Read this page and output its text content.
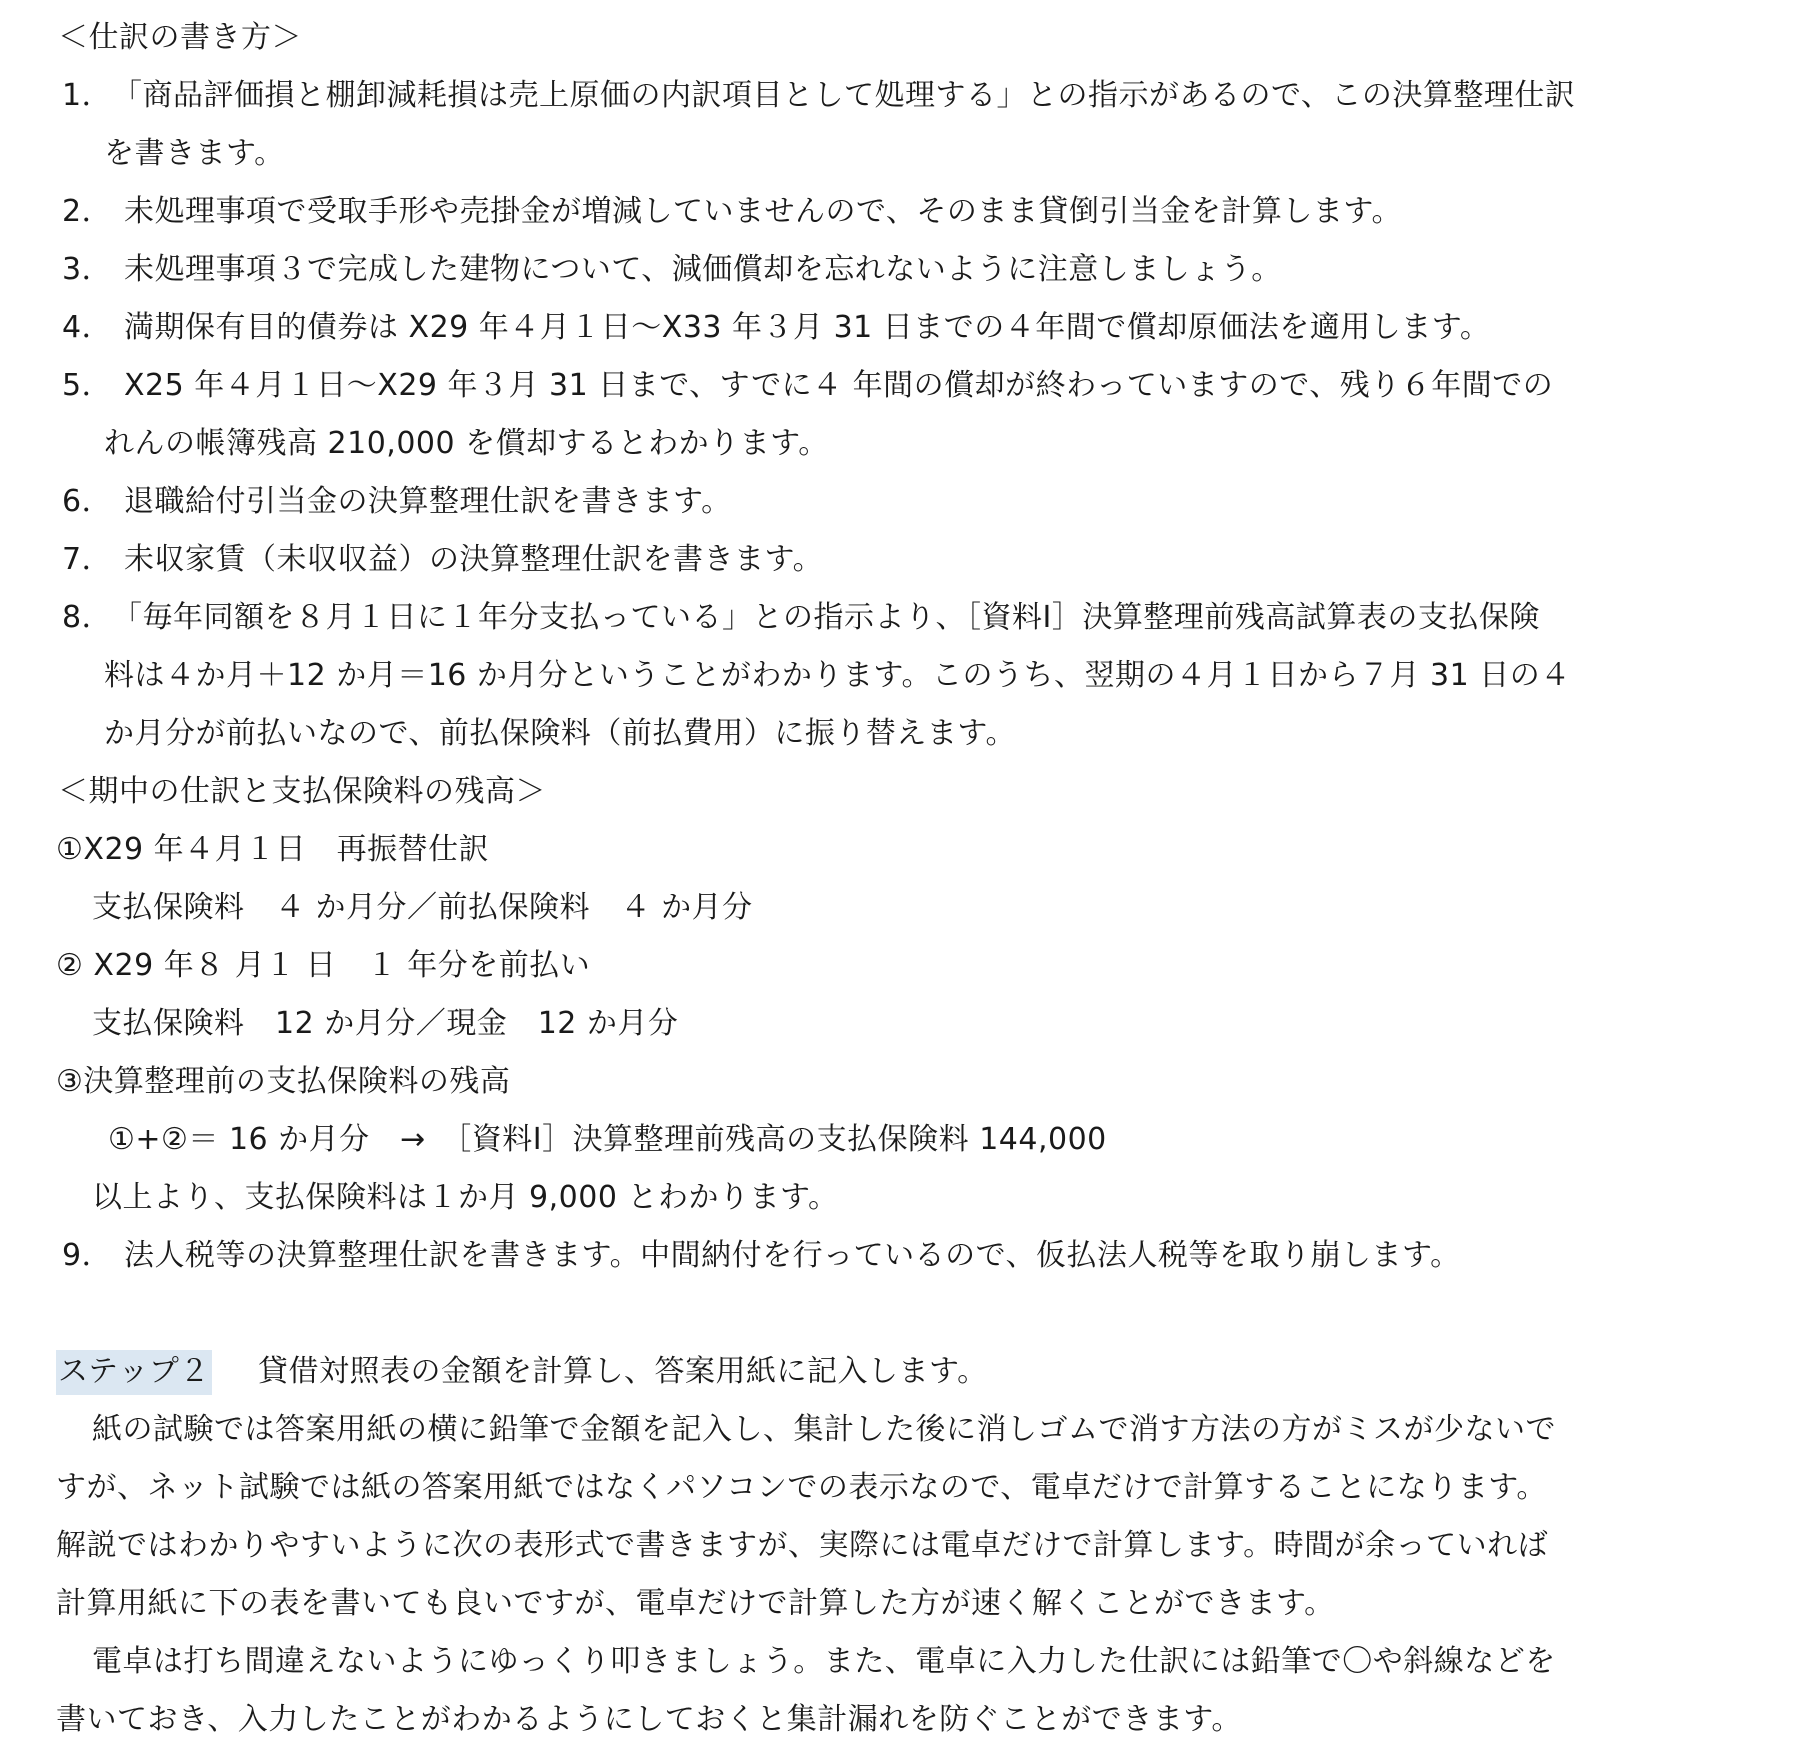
＜仕訳の書き方＞
1． 「商品評価損と棚卸減耗損は売上原価の内訳項目として処理する」との指示があるので、この決算整理仕訳
を書きます。
2． 未処理事項で受取手形や売掛金が増減していませんので、そのまま貸倒引当金を計算します。
3． 未処理事項３で完成した建物について、減価償却を忘れないように注意しましょう。
4． 満期保有目的債券は X29 年４月１日～X33 年３月 31 日までの４年間で償却原価法を適用します。
5． X25 年４月１日～X29 年３月 31 日まで、すでに４ 年間の償却が終わっていますので、残り６年間での
れんの帳簿残高 210,000 を償却するとわかります。
6． 退職給付引当金の決算整理仕訳を書きます。
7． 未収家賃（未収収益）の決算整理仕訳を書きます。
8． 「毎年同額を８月１日に１年分支払っている」との指示より、［資料Ⅰ］決算整理前残高試算表の支払保険
料は４か月＋12 か月＝16 か月分ということがわかります。このうち、翌期の４月１日から７月 31 日の４
か月分が前払いなので、前払保険料（前払費用）に振り替えます。
＜期中の仕訳と支払保険料の残高＞
①X29 年４月１日　再振替仕訳
支払保険料　４ か月分／前払保険料　４ か月分
② X29 年８ 月１ 日　１ 年分を前払い
支払保険料　12 か月分／現金　12 か月分
③決算整理前の支払保険料の残高
①+②＝ 16 か月分　→　［資料Ⅰ］決算整理前残高の支払保険料 144,000
以上より、支払保険料は１か月 9,000 とわかります。
9． 法人税等の決算整理仕訳を書きます。中間納付を行っているので、仮払法人税等を取り崩します。
ステップ２ 貸借対照表の金額を計算し、答案用紙に記入します。
紙の試験では答案用紙の横に鉛筆で金額を記入し、集計した後に消しゴムで消す方法の方がミスが少ないで
すが、ネット試験では紙の答案用紙ではなくパソコンでの表示なので、電卓だけで計算することになります。
解説ではわかりやすいように次の表形式で書きますが、実際には電卓だけで計算します。時間が余っていれば
計算用紙に下の表を書いても良いですが、電卓だけで計算した方が速く解くことができます。
電卓は打ち間違えないようにゆっくり叩きましょう。また、電卓に入力した仕訳には鉛筆で〇や斜線などを
書いておき、入力したことがわかるようにしておくと集計漏れを防ぐことができます。
